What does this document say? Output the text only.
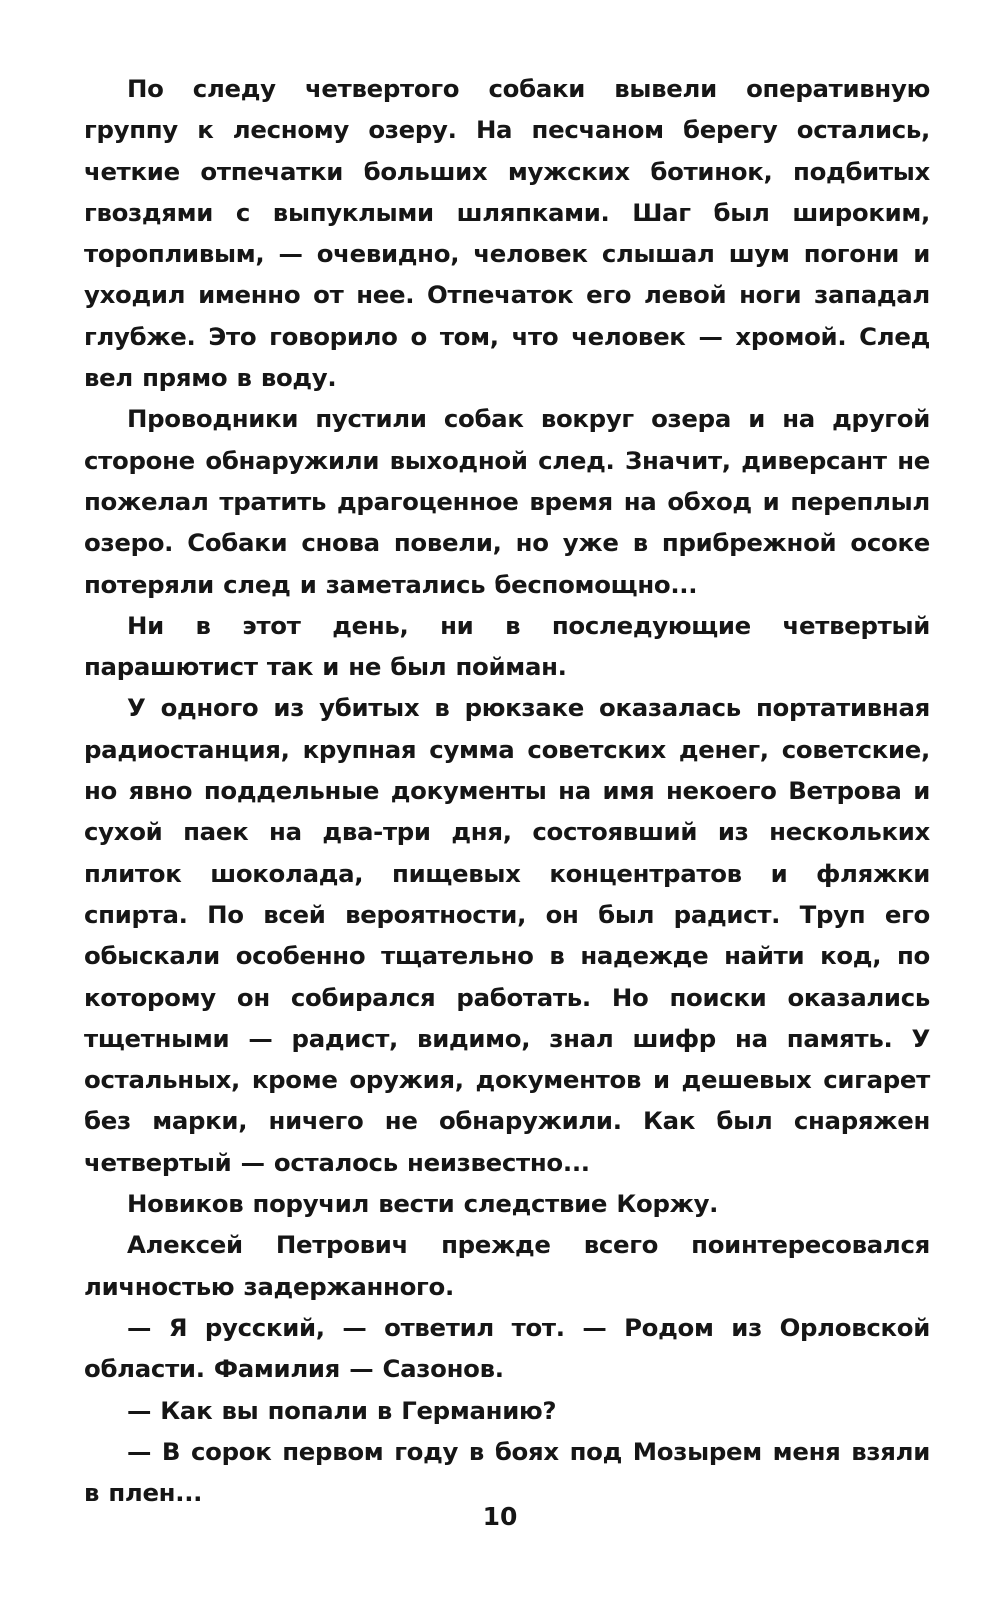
По следу четвертого собаки вывели оперативную группу к лесному озеру. На песчаном берегу остались, четкие отпечатки больших мужских ботинок, подбитых гвоздями с выпуклыми шляпками. Шаг был широким, торопливым, — очевидно, человек слышал шум погони и уходил именно от нее. Отпечаток его левой ноги западал глубже. Это говорило о том, что человек — хромой. След вел прямо в воду.

Проводники пустили собак вокруг озера и на другой стороне обнаружили выходной след. Значит, диверсант не пожелал тратить драгоценное время на обход и переплыл озеро. Собаки снова повели, но уже в прибрежной осоке потеряли след и заметались беспомощно...

Ни в этот день, ни в последующие четвертый парашютист так и не был пойман.

У одного из убитых в рюкзаке оказалась портативная радиостанция, крупная сумма советских денег, советские, но явно поддельные документы на имя некоего Ветрова и сухой паек на два-три дня, состоявший из нескольких плиток шоколада, пищевых концентратов и фляжки спирта. По всей вероятности, он был радист. Труп его обыскали особенно тщательно в надежде найти код, по которому он собирался работать. Но поиски оказались тщетными — радист, видимо, знал шифр на память. У остальных, кроме оружия, документов и дешевых сигарет без марки, ничего не обнаружили. Как был снаряжен четвертый — осталось неизвестно...

Новиков поручил вести следствие Коржу.

Алексей Петрович прежде всего поинтересовался личностью задержанного.

— Я русский, — ответил тот. — Родом из Орловской области. Фамилия — Сазонов.

— Как вы попали в Германию?

— В сорок первом году в боях под Мозырем меня взяли в плен...

10
